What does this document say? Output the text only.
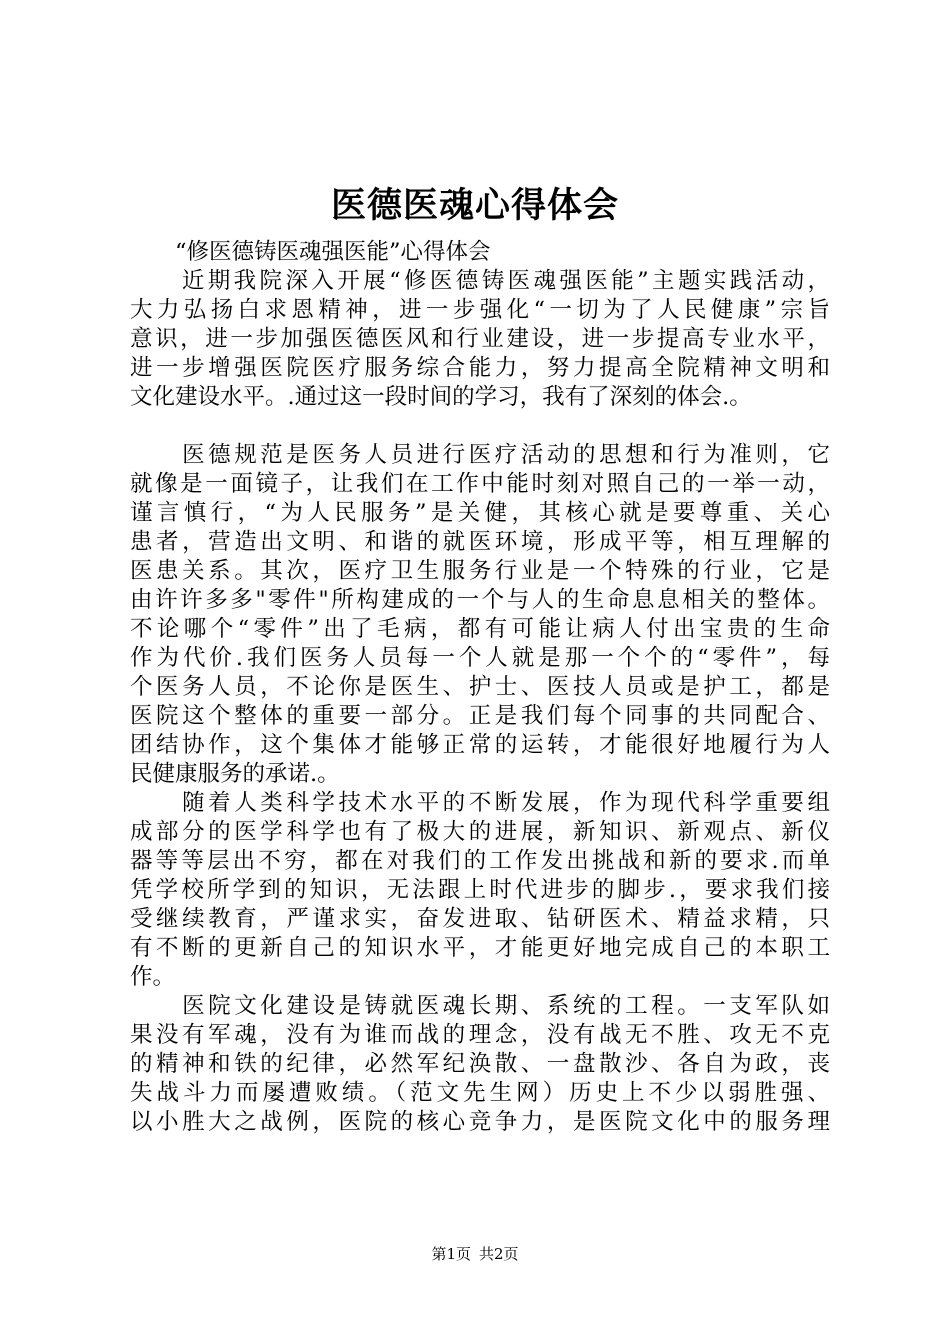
医德医魂心得体会
　　“修医德铸医魂强医能”心得体会
　　近期我院深入开展“修医德铸医魂强医能”主题实践活动，
大力弘扬白求恩精神，进一步强化“一切为了人民健康”宗旨
意识，进一步加强医德医风和行业建设，进一步提高专业水平，
进一步增强医院医疗服务综合能力，努力提高全院精神文明和
文化建设水平。.通过这一段时间的学习，我有了深刻的体会.。
　　医德规范是医务人员进行医疗活动的思想和行为准则，它
就像是一面镜子，让我们在工作中能时刻对照自己的一举一动，
谨言慎行，“为人民服务”是关健，其核心就是要尊重、关心
患者，营造出文明、和谐的就医环境，形成平等，相互理解的
医患关系。其次，医疗卫生服务行业是一个特殊的行业，它是
由许许多多"零件"所构建成的一个与人的生命息息相关的整体。
不论哪个“零件”出了毛病，都有可能让病人付出宝贵的生命
作为代价.我们医务人员每一个人就是那一个个的“零件”，每
个医务人员，不论你是医生、护士、医技人员或是护工，都是
医院这个整体的重要一部分。正是我们每个同事的共同配合、
团结协作，这个集体才能够正常的运转，才能很好地履行为人
民健康服务的承诺.。
　　随着人类科学技术水平的不断发展，作为现代科学重要组
成部分的医学科学也有了极大的进展，新知识、新观点、新仪
器等等层出不穷，都在对我们的工作发出挑战和新的要求.而单
凭学校所学到的知识，无法跟上时代进步的脚步.，要求我们接
受继续教育，严谨求实，奋发进取、钻研医术、精益求精，只
有不断的更新自己的知识水平，才能更好地完成自己的本职工
作。
　　医院文化建设是铸就医魂长期、系统的工程。一支军队如
果没有军魂，没有为谁而战的理念，没有战无不胜、攻无不克
的精神和铁的纪律，必然军纪涣散、一盘散沙、各自为政，丧
失战斗力而屡遭败绩。（范文先生网）历史上不少以弱胜强、
以小胜大之战例，医院的核心竞争力，是医院文化中的服务理
第1页 共2页
